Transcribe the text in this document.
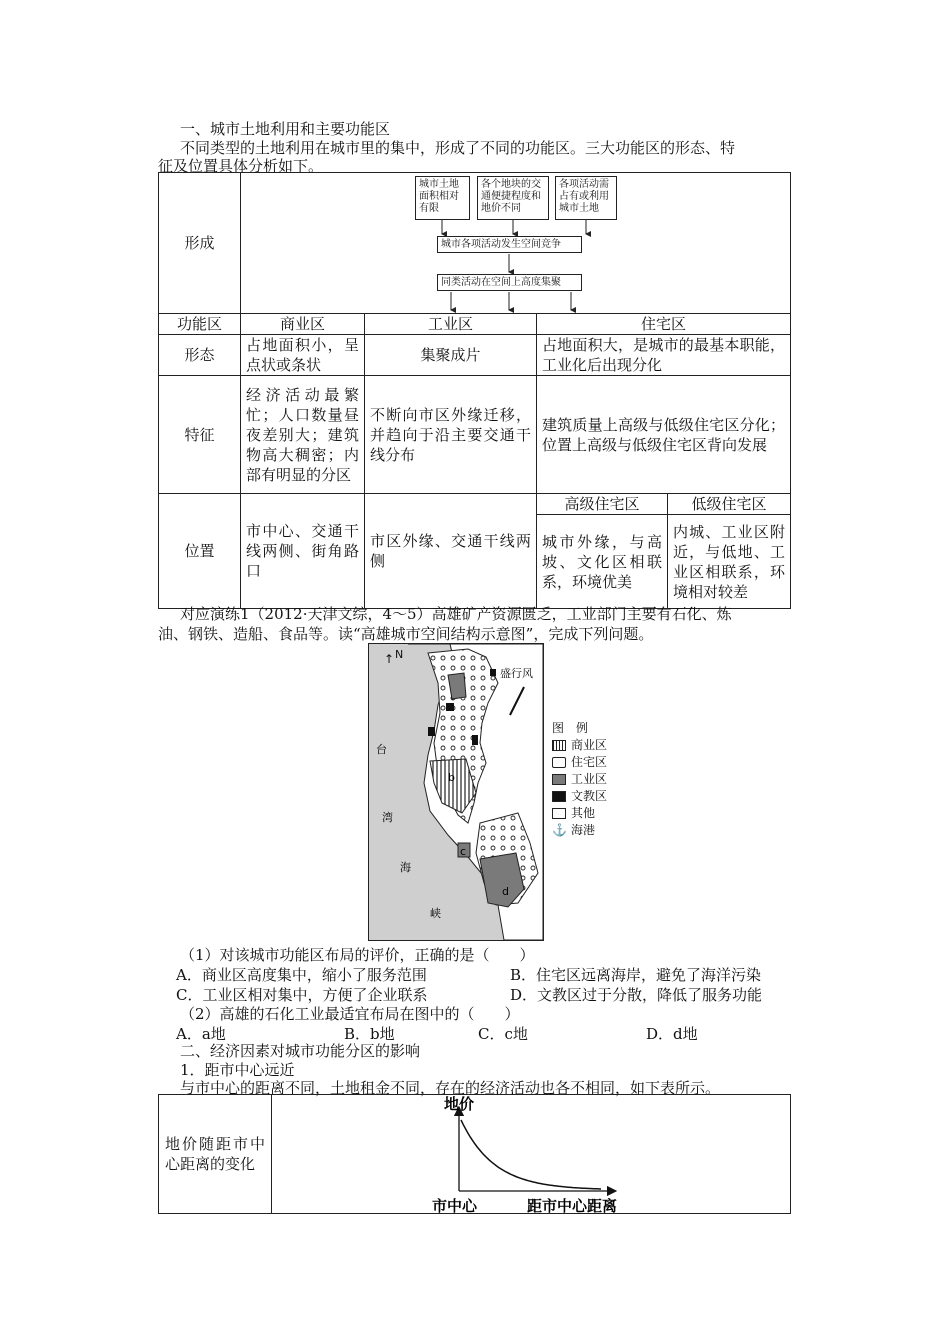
一、城市土地利用和主要功能区
不同类型的土地利用在城市里的集中，形成了不同的功能区。三大功能区的形态、特
征及位置具体分析如下。
形成	城市土地面积相对有限
各个地块的交通便捷程度和地价不同
各项活动需占有或利用城市土地
城市各项活动发生空间竞争
同类活动在空间上高度集聚			

功能区	商业区	工业区	住宅区	
形态	占地面积小，呈点状或条状	集聚成片	占地面积大，是城市的最基本职能，工业化后出现分化	
特征	经济活动最繁忙；人口数量昼夜差别大；建筑物高大稠密；内部有明显的分区	不断向市区外缘迁移，并趋向于沿主要交通干线分布	建筑质量上高级与低级住宅区分化；位置上高级与低级住宅区背向发展	
位置	市中心、交通干线两侧、街角路口	市区外缘、交通干线两侧	高级住宅区	低级住宅区
			城市外缘，与高坡、文化区相联系，环境优美	内城、工业区附近，与低地、工业区相联系，环境相对较差
对应演练1（2012·天津文综，4～5）高雄矿产资源匮乏，工业部门主要有石化、炼
油、钢铁、造船、食品等。读“高雄城市空间结构示意图”，完成下列问题。
↑ N
盛行风
台
湾
海
峡
a
b
c
d
图　例
商业区
住宅区
工业区
文教区
其他
⚓ 海港
（1）对该城市功能区布局的评价，正确的是（　　）
A．商业区高度集中，缩小了服务范围	B．住宅区远离海岸，避免了海洋污染
C．工业区相对集中，方便了企业联系	D．文教区过于分散，降低了服务功能
（2）高雄的石化工业最适宜布局在图中的（　　）
A．a地	B．b地	C．c地	D．d地
二、经济因素对城市功能分区的影响
1．距市中心远近
与市中心的距离不同，土地租金不同，存在的经济活动也各不相同，如下表所示。
地价随距市中心距离的变化	
地价
市中心	距市中心距离
